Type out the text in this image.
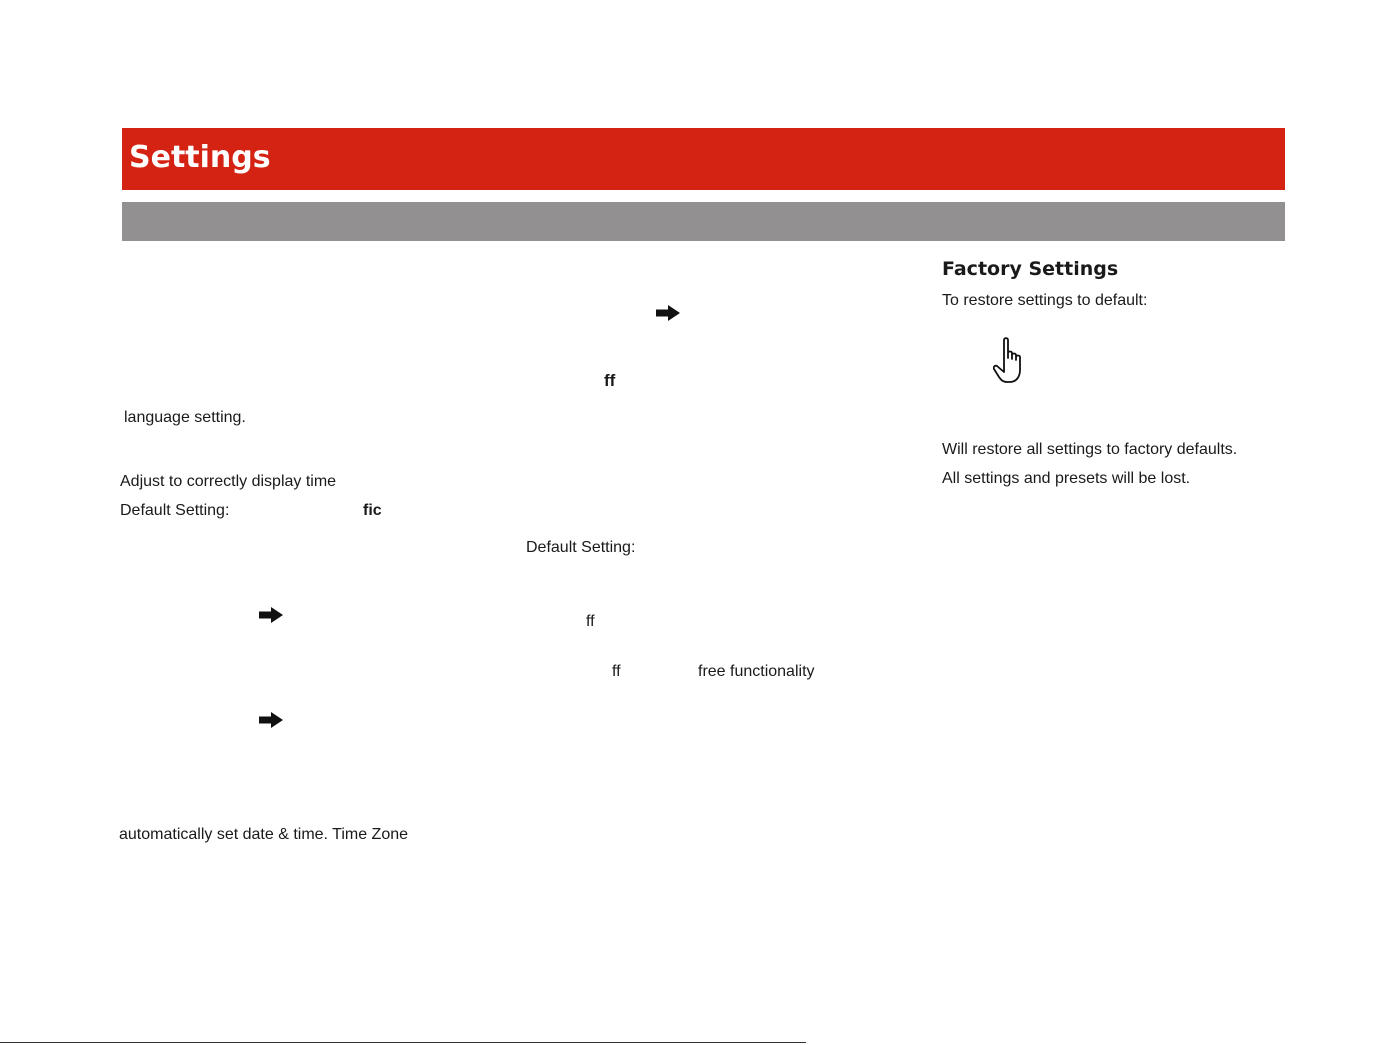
Settings
ff
language setting.
Adjust to correctly display time
Default Setting:	fic
Default Setting:
ff
ff	free functionality
automatically set date & time. Time Zone
Factory Settings
To restore settings to default:
Will restore all settings to factory defaults.
All settings and presets will be lost.
